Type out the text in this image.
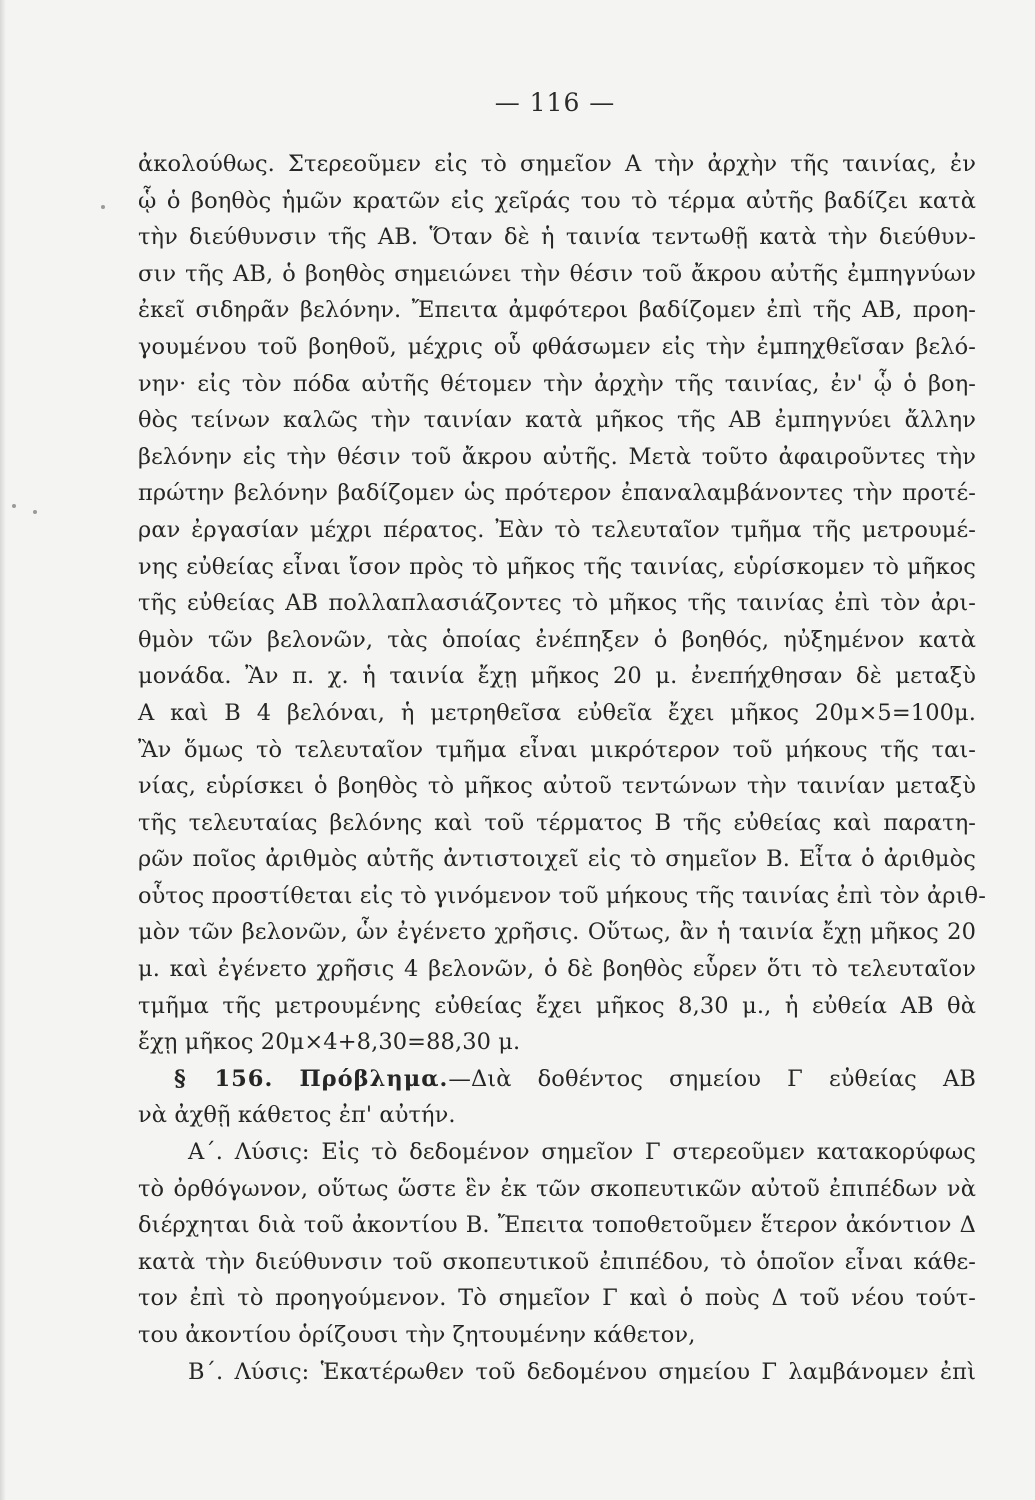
— 116 —
ἀκολούθως. Στερεοῦμεν εἰς τὸ σημεῖον Α τὴν ἀρχὴν τῆς ταινίας, ἐν
ᾧ ὁ βοηθὸς ἡμῶν κρατῶν εἰς χεῖράς του τὸ τέρμα αὐτῆς βαδίζει κατὰ
τὴν διεύθυνσιν τῆς ΑΒ. Ὅταν δὲ ἡ ταινία τεντωθῇ κατὰ τὴν διεύθυν-
σιν τῆς ΑΒ, ὁ βοηθὸς σημειώνει τὴν θέσιν τοῦ ἄκρου αὐτῆς ἐμπηγνύων
ἐκεῖ σιδηρᾶν βελόνην. Ἔπειτα ἀμφότεροι βαδίζομεν ἐπὶ τῆς ΑΒ, προη-
γουμένου τοῦ βοηθοῦ, μέχρις οὗ φθάσωμεν εἰς τὴν ἐμπηχθεῖσαν βελό-
νην· εἰς τὸν πόδα αὐτῆς θέτομεν τὴν ἀρχὴν τῆς ταινίας, ἐν' ᾧ ὁ βοη-
θὸς τείνων καλῶς τὴν ταινίαν κατὰ μῆκος τῆς ΑΒ ἐμπηγνύει ἄλλην
βελόνην εἰς τὴν θέσιν τοῦ ἄκρου αὐτῆς. Μετὰ τοῦτο ἀφαιροῦντες τὴν
πρώτην βελόνην βαδίζομεν ὡς πρότερον ἐπαναλαμβάνοντες τὴν προτέ-
ραν ἐργασίαν μέχρι πέρατος. Ἐὰν τὸ τελευταῖον τμῆμα τῆς μετρουμέ-
νης εὐθείας εἶναι ἴσον πρὸς τὸ μῆκος τῆς ταινίας, εὑρίσκομεν τὸ μῆκος
τῆς εὐθείας ΑΒ πολλαπλασιάζοντες τὸ μῆκος τῆς ταινίας ἐπὶ τὸν ἀρι-
θμὸν τῶν βελονῶν, τὰς ὁποίας ἐνέπηξεν ὁ βοηθός, ηὐξημένον κατὰ
μονάδα. Ἂν π. χ. ἡ ταινία ἔχῃ μῆκος 20 μ. ἐνεπήχθησαν δὲ μεταξὺ
Α καὶ Β 4 βελόναι, ἡ μετρηθεῖσα εὐθεῖα ἔχει μῆκος 20μ×5=100μ.
Ἂν ὅμως τὸ τελευταῖον τμῆμα εἶναι μικρότερον τοῦ μήκους τῆς ται-
νίας, εὑρίσκει ὁ βοηθὸς τὸ μῆκος αὐτοῦ τεντώνων τὴν ταινίαν μεταξὺ
τῆς τελευταίας βελόνης καὶ τοῦ τέρματος Β τῆς εὐθείας καὶ παρατη-
ρῶν ποῖος ἀριθμὸς αὐτῆς ἀντιστοιχεῖ εἰς τὸ σημεῖον Β. Εἶτα ὁ ἀριθμὸς
οὗτος προστίθεται εἰς τὸ γινόμενον τοῦ μήκους τῆς ταινίας ἐπὶ τὸν ἀριθ-
μὸν τῶν βελονῶν, ὧν ἐγένετο χρῆσις. Οὕτως, ἂν ἡ ταινία ἔχῃ μῆκος 20
μ. καὶ ἐγένετο χρῆσις 4 βελονῶν, ὁ δὲ βοηθὸς εὗρεν ὅτι τὸ τελευταῖον
τμῆμα τῆς μετρουμένης εὐθείας ἔχει μῆκος 8,30 μ., ἡ εὐθεία ΑΒ θὰ
ἔχῃ μῆκος 20μ×4+8,30=88,30 μ.
§ 156. Πρόβλημα.—Διὰ δοθέντος σημείου Γ εὐθείας ΑΒ
νὰ ἀχθῇ κάθετος ἐπ' αὐτήν.
Α΄. Λύσις: Εἰς τὸ δεδομένον σημεῖον Γ στερεοῦμεν κατακορύφως
τὸ ὀρθόγωνον, οὕτως ὥστε ἓν ἐκ τῶν σκοπευτικῶν αὐτοῦ ἐπιπέδων νὰ
διέρχηται διὰ τοῦ ἀκοντίου Β. Ἔπειτα τοποθετοῦμεν ἕτερον ἀκόντιον Δ
κατὰ τὴν διεύθυνσιν τοῦ σκοπευτικοῦ ἐπιπέδου, τὸ ὁποῖον εἶναι κάθε-
τον ἐπὶ τὸ προηγούμενον. Τὸ σημεῖον Γ καὶ ὁ ποὺς Δ τοῦ νέου τούτ-
του ἀκοντίου ὁρίζουσι τὴν ζητουμένην κάθετον,
Β΄. Λύσις: Ἑκατέρωθεν τοῦ δεδομένου σημείου Γ λαμβάνομεν ἐπὶ
